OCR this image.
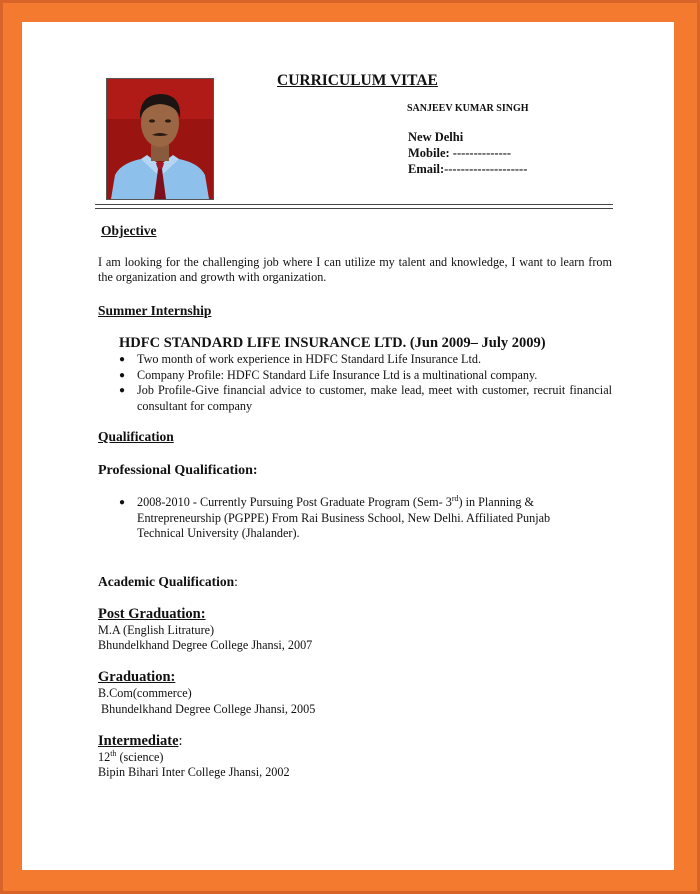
CURRICULUM VITAE
SANJEEV KUMAR SINGH
New Delhi
Mobile: --------------
Email:--------------------
Objective
I am looking for the challenging job where I can utilize my talent and knowledge, I want to learn from the organization and growth with organization.
Summer Internship
HDFC STANDARD LIFE INSURANCE LTD. (Jun 2009– July 2009)
● Two month of work experience in HDFC Standard Life Insurance Ltd.
● Company Profile: HDFC Standard Life Insurance Ltd is a multinational company.
● Job Profile-Give financial advice to customer, make lead, meet with customer, recruit financial consultant for company
Qualification
Professional Qualification:
● 2008-2010 - Currently Pursuing Post Graduate Program (Sem- 3rd) in Planning & Entrepreneurship (PGPPE) From Rai Business School, New Delhi. Affiliated Punjab Technical University (Jhalander).
Academic Qualification:
Post Graduation:
M.A (English Litrature)
Bhundelkhand Degree College Jhansi, 2007
Graduation:
B.Com(commerce)
Bhundelkhand Degree College Jhansi, 2005
Intermediate:
12th (science)
Bipin Bihari Inter College Jhansi, 2002
